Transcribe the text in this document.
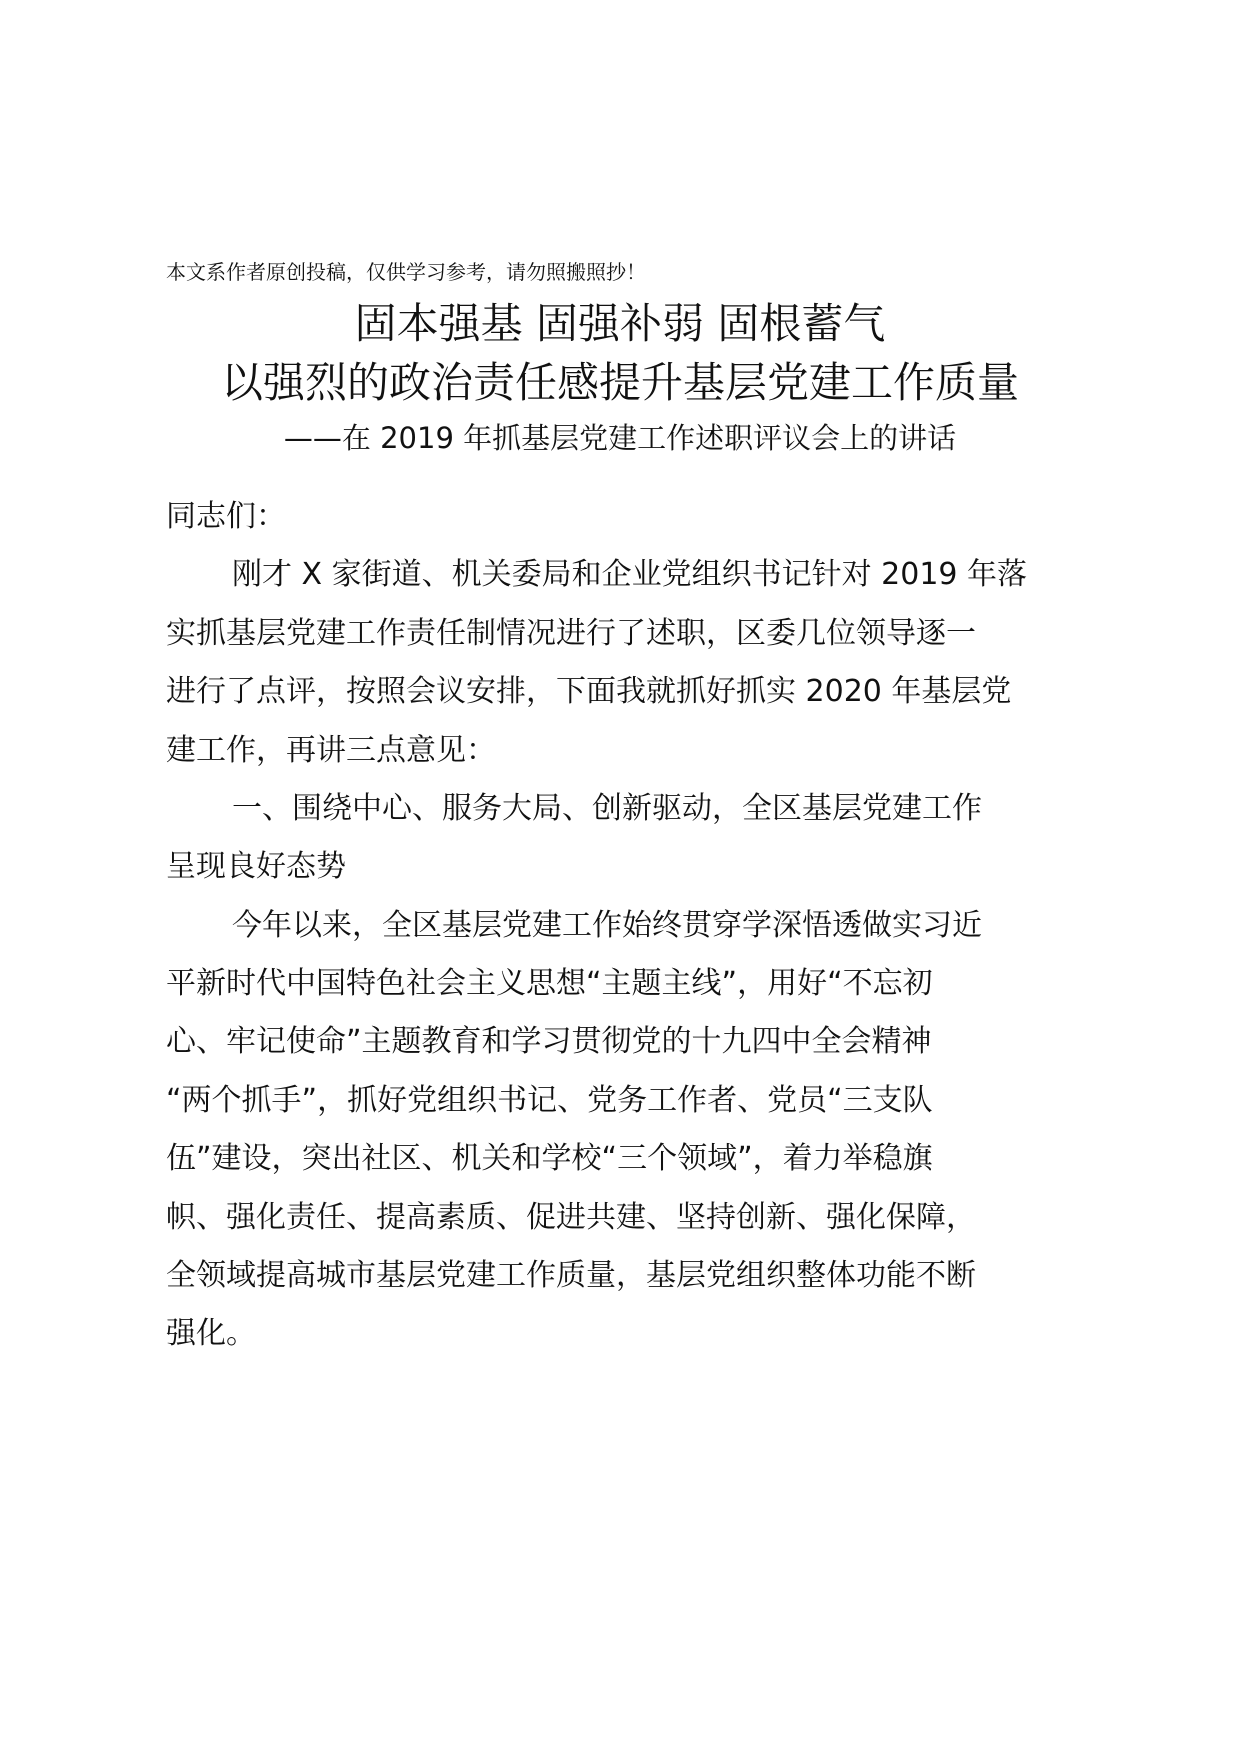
本文系作者原创投稿，仅供学习参考，请勿照搬照抄！
固本强基 固强补弱 固根蓄气
以强烈的政治责任感提升基层党建工作质量
——在 2019 年抓基层党建工作述职评议会上的讲话
同志们：
刚才 X 家街道、机关委局和企业党组织书记针对 2019 年落
实抓基层党建工作责任制情况进行了述职，区委几位领导逐一
进行了点评，按照会议安排，下面我就抓好抓实 2020 年基层党
建工作，再讲三点意见：
一、围绕中心、服务大局、创新驱动，全区基层党建工作
呈现良好态势
今年以来，全区基层党建工作始终贯穿学深悟透做实习近
平新时代中国特色社会主义思想“主题主线”，用好“不忘初
心、牢记使命”主题教育和学习贯彻党的十九四中全会精神
“两个抓手”，抓好党组织书记、党务工作者、党员“三支队
伍”建设，突出社区、机关和学校“三个领域”，着力举稳旗
帜、强化责任、提高素质、促进共建、坚持创新、强化保障，
全领域提高城市基层党建工作质量，基层党组织整体功能不断
强化。
